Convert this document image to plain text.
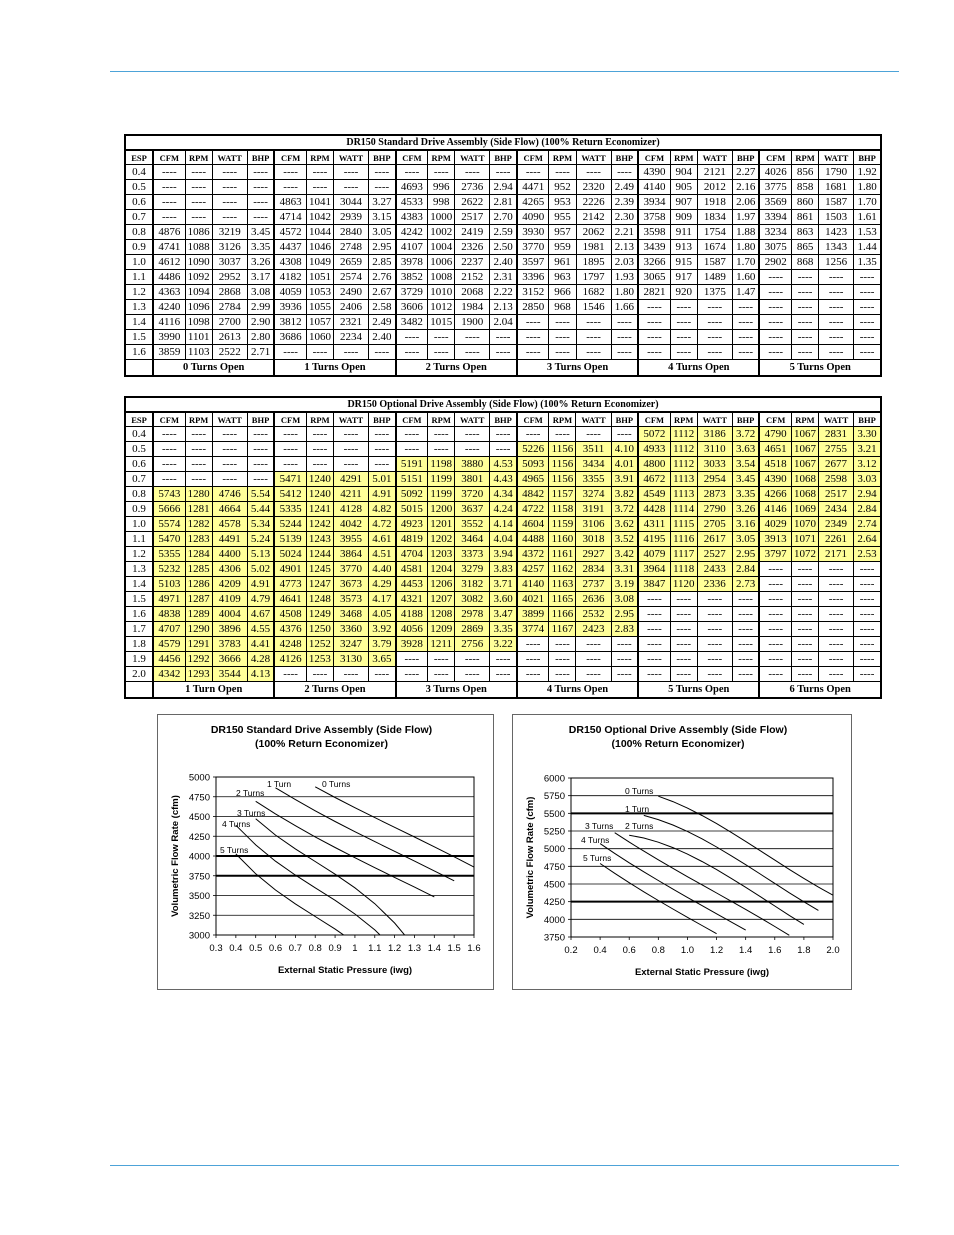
DR150 Standard Drive Assembly (Side Flow) (100% Return Economizer)																								
ESP	CFM	RPM	WATT	BHP	CFM	RPM	WATT	BHP	CFM	RPM	WATT	BHP	CFM	RPM	WATT	BHP	CFM	RPM	WATT	BHP	CFM	RPM	WATT	BHP
0.4	----	----	----	----	----	----	----	----	----	----	----	----	----	----	----	----	4390	904	2121	2.27	4026	856	1790	1.92
0.5	----	----	----	----	----	----	----	----	4693	996	2736	2.94	4471	952	2320	2.49	4140	905	2012	2.16	3775	858	1681	1.80
0.6	----	----	----	----	4863	1041	3044	3.27	4533	998	2622	2.81	4265	953	2226	2.39	3934	907	1918	2.06	3569	860	1587	1.70
0.7	----	----	----	----	4714	1042	2939	3.15	4383	1000	2517	2.70	4090	955	2142	2.30	3758	909	1834	1.97	3394	861	1503	1.61
0.8	4876	1086	3219	3.45	4572	1044	2840	3.05	4242	1002	2419	2.59	3930	957	2062	2.21	3598	911	1754	1.88	3234	863	1423	1.53
0.9	4741	1088	3126	3.35	4437	1046	2748	2.95	4107	1004	2326	2.50	3770	959	1981	2.13	3439	913	1674	1.80	3075	865	1343	1.44
1.0	4612	1090	3037	3.26	4308	1049	2659	2.85	3978	1006	2237	2.40	3597	961	1895	2.03	3266	915	1587	1.70	2902	868	1256	1.35
1.1	4486	1092	2952	3.17	4182	1051	2574	2.76	3852	1008	2152	2.31	3396	963	1797	1.93	3065	917	1489	1.60	----	----	----	----
1.2	4363	1094	2868	3.08	4059	1053	2490	2.67	3729	1010	2068	2.22	3152	966	1682	1.80	2821	920	1375	1.47	----	----	----	----
1.3	4240	1096	2784	2.99	3936	1055	2406	2.58	3606	1012	1984	2.13	2850	968	1546	1.66	----	----	----	----	----	----	----	----
1.4	4116	1098	2700	2.90	3812	1057	2321	2.49	3482	1015	1900	2.04	----	----	----	----	----	----	----	----	----	----	----	----
1.5	3990	1101	2613	2.80	3686	1060	2234	2.40	----	----	----	----	----	----	----	----	----	----	----	----	----	----	----	----
1.6	3859	1103	2522	2.71	----	----	----	----	----	----	----	----	----	----	----	----	----	----	----	----	----	----	----	----
	0 Turns Open				1 Turns Open				2 Turns Open				3 Turns Open				4 Turns Open				5 Turns Open			
DR150 Optional Drive Assembly (Side Flow) (100% Return Economizer)																								
ESP	CFM	RPM	WATT	BHP	CFM	RPM	WATT	BHP	CFM	RPM	WATT	BHP	CFM	RPM	WATT	BHP	CFM	RPM	WATT	BHP	CFM	RPM	WATT	BHP
0.4	----	----	----	----	----	----	----	----	----	----	----	----	----	----	----	----	5072	1112	3186	3.72	4790	1067	2831	3.30
0.5	----	----	----	----	----	----	----	----	----	----	----	----	5226	1156	3511	4.10	4933	1112	3110	3.63	4651	1067	2755	3.21
0.6	----	----	----	----	----	----	----	----	5191	1198	3880	4.53	5093	1156	3434	4.01	4800	1112	3033	3.54	4518	1067	2677	3.12
0.7	----	----	----	----	5471	1240	4291	5.01	5151	1199	3801	4.43	4965	1156	3355	3.91	4672	1113	2954	3.45	4390	1068	2598	3.03
0.8	5743	1280	4746	5.54	5412	1240	4211	4.91	5092	1199	3720	4.34	4842	1157	3274	3.82	4549	1113	2873	3.35	4266	1068	2517	2.94
0.9	5666	1281	4664	5.44	5335	1241	4128	4.82	5015	1200	3637	4.24	4722	1158	3191	3.72	4428	1114	2790	3.26	4146	1069	2434	2.84
1.0	5574	1282	4578	5.34	5244	1242	4042	4.72	4923	1201	3552	4.14	4604	1159	3106	3.62	4311	1115	2705	3.16	4029	1070	2349	2.74
1.1	5470	1283	4491	5.24	5139	1243	3955	4.61	4819	1202	3464	4.04	4488	1160	3018	3.52	4195	1116	2617	3.05	3913	1071	2261	2.64
1.2	5355	1284	4400	5.13	5024	1244	3864	4.51	4704	1203	3373	3.94	4372	1161	2927	3.42	4079	1117	2527	2.95	3797	1072	2171	2.53
1.3	5232	1285	4306	5.02	4901	1245	3770	4.40	4581	1204	3279	3.83	4257	1162	2834	3.31	3964	1118	2433	2.84	----	----	----	----
1.4	5103	1286	4209	4.91	4773	1247	3673	4.29	4453	1206	3182	3.71	4140	1163	2737	3.19	3847	1120	2336	2.73	----	----	----	----
1.5	4971	1287	4109	4.79	4641	1248	3573	4.17	4321	1207	3082	3.60	4021	1165	2636	3.08	----	----	----	----	----	----	----	----
1.6	4838	1289	4004	4.67	4508	1249	3468	4.05	4188	1208	2978	3.47	3899	1166	2532	2.95	----	----	----	----	----	----	----	----
1.7	4707	1290	3896	4.55	4376	1250	3360	3.92	4056	1209	2869	3.35	3774	1167	2423	2.83	----	----	----	----	----	----	----	----
1.8	4579	1291	3783	4.41	4248	1252	3247	3.79	3928	1211	2756	3.22	----	----	----	----	----	----	----	----	----	----	----	----
1.9	4456	1292	3666	4.28	4126	1253	3130	3.65	----	----	----	----	----	----	----	----	----	----	----	----	----	----	----	----
2.0	4342	1293	3544	4.13	----	----	----	----	----	----	----	----	----	----	----	----	----	----	----	----	----	----	----	----
	1 Turn Open				2 Turns Open				3 Turns Open				4 Turns Open				5 Turns Open				6 Turns Open			
DR150 Standard Drive Assembly (Side Flow)
(100% Return Economizer)
3000
3250
3500
3750
4000
4250
4500
4750
5000
0.3 0.4 0.5 0.6 0.7 0.8 0.9 1 1.1 1.2 1.3 1.4 1.5 1.6
External Static Pressure (iwg)
Volumetric Flow Rate (cfm)
0 Turns
1 Turn
2 Turns
3 Turns
4 Turns
5 Turns
DR150 Optional Drive Assembly (Side Flow)
(100% Return Economizer)
3750
4000
4250
4500
4750
5000
5250
5500
5750
6000
0.2 0.4 0.6 0.8 1.0 1.2 1.4 1.6 1.8 2.0
External Static Pressure (iwg)
Volumetric Flow Rate (cfm)
0 Turns
1 Turn
2 Turns
3 Turns
4 Turns
5 Turns
